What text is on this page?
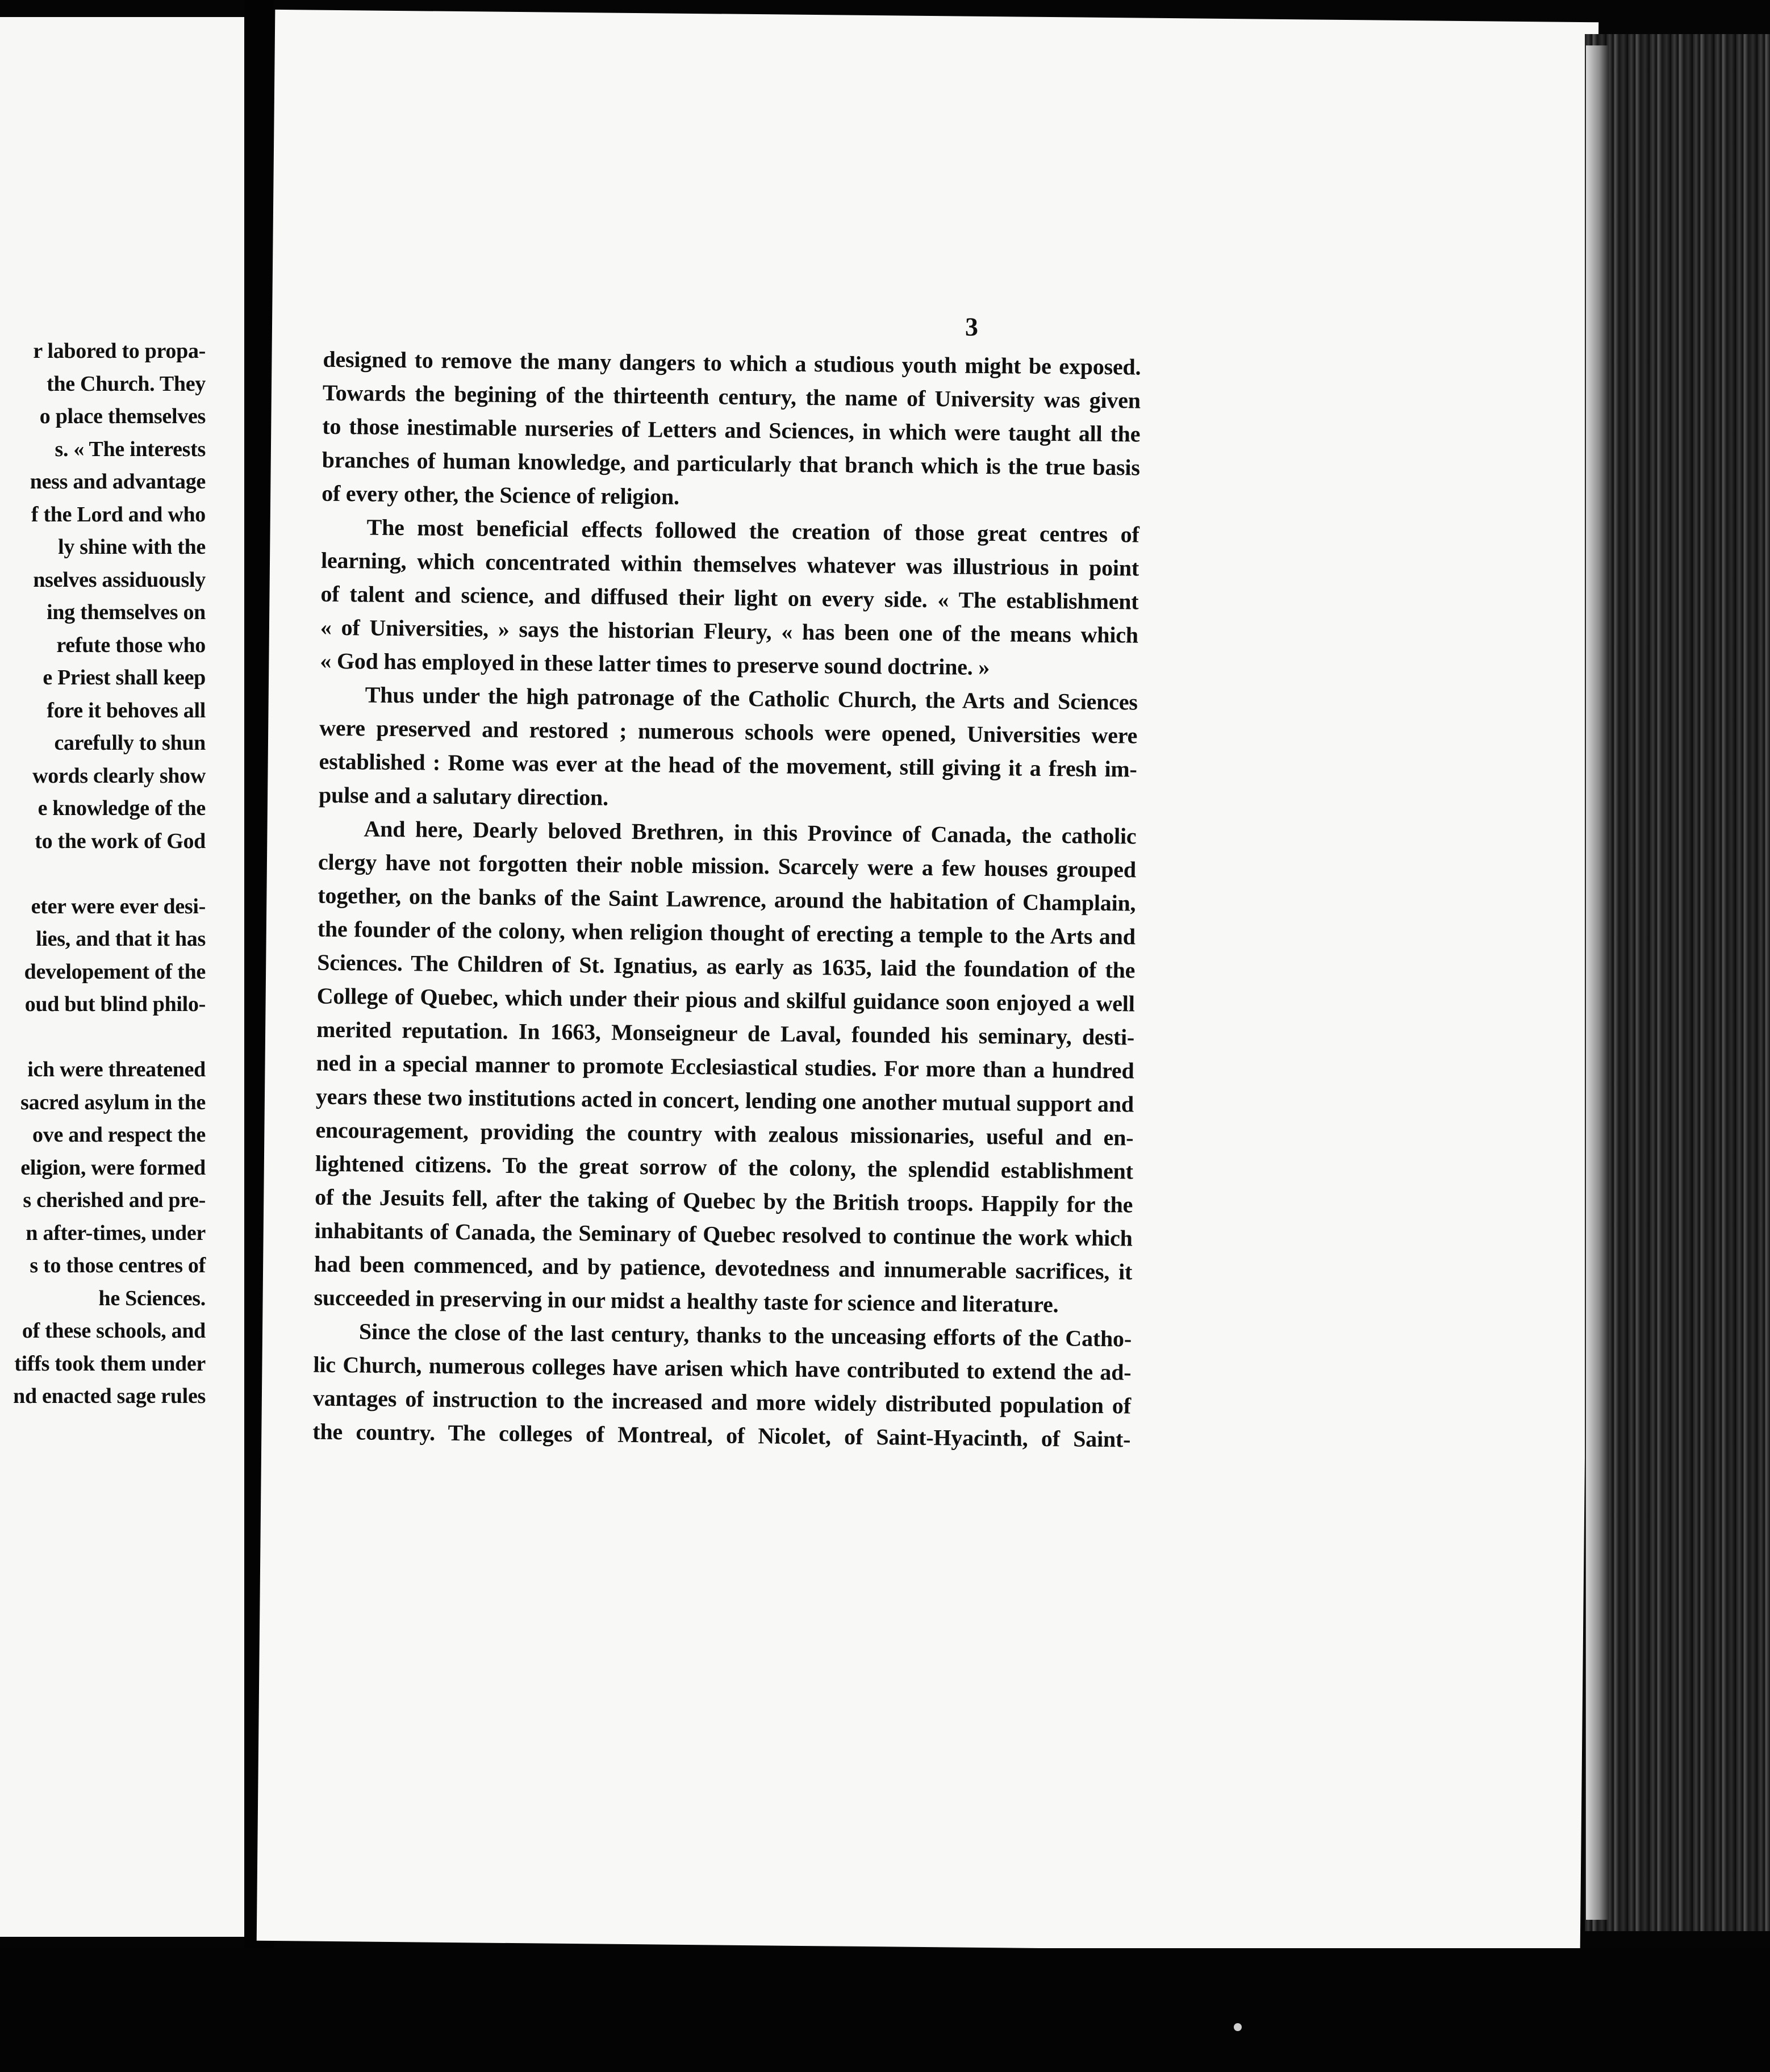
r labored to propa-
the Church. They
o place themselves
s. « The interests
ness and advantage
f the Lord and who
ly shine with the
nselves assiduously
ing themselves on
refute those who
e Priest shall keep
fore it behoves all
carefully to shun
words clearly show
e knowledge of the
to the work of God
eter were ever desi-
lies, and that it has
developement of the
oud but blind philo-
ich were threatened
sacred asylum in the
ove and respect the
eligion, were formed
s cherished and pre-
n after-times, under
s to those centres of
he Sciences.
of these schools, and
tiffs took them under
nd enacted sage rules
3
designed to remove the many dangers to which a studious youth might be exposed.
Towards the begining of the thirteenth century, the name of University was given
to those inestimable nurseries of Letters and Sciences, in which were taught all the
branches of human knowledge, and particularly that branch which is the true basis
of every other, the Science of religion.
The most beneficial effects followed the creation of those great centres of
learning, which concentrated within themselves whatever was illustrious in point
of talent and science, and diffused their light on every side. « The establishment
« of Universities, » says the historian Fleury, « has been one of the means which
« God has employed in these latter times to preserve sound doctrine. »
Thus under the high patronage of the Catholic Church, the Arts and Sciences
were preserved and restored ; numerous schools were opened, Universities were
established : Rome was ever at the head of the movement, still giving it a fresh im-
pulse and a salutary direction.
And here, Dearly beloved Brethren, in this Province of Canada, the catholic
clergy have not forgotten their noble mission. Scarcely were a few houses grouped
together, on the banks of the Saint Lawrence, around the habitation of Champlain,
the founder of the colony, when religion thought of erecting a temple to the Arts and
Sciences. The Children of St. Ignatius, as early as 1635, laid the foundation of the
College of Quebec, which under their pious and skilful guidance soon enjoyed a well
merited reputation. In 1663, Monseigneur de Laval, founded his seminary, desti-
ned in a special manner to promote Ecclesiastical studies. For more than a hundred
years these two institutions acted in concert, lending one another mutual support and
encouragement, providing the country with zealous missionaries, useful and en-
lightened citizens. To the great sorrow of the colony, the splendid establishment
of the Jesuits fell, after the taking of Quebec by the British troops. Happily for the
inhabitants of Canada, the Seminary of Quebec resolved to continue the work which
had been commenced, and by patience, devotedness and innumerable sacrifices, it
succeeded in preserving in our midst a healthy taste for science and literature.
Since the close of the last century, thanks to the unceasing efforts of the Catho-
lic Church, numerous colleges have arisen which have contributed to extend the ad-
vantages of instruction to the increased and more widely distributed population of
the country. The colleges of Montreal, of Nicolet, of Saint-Hyacinth, of Saint-
